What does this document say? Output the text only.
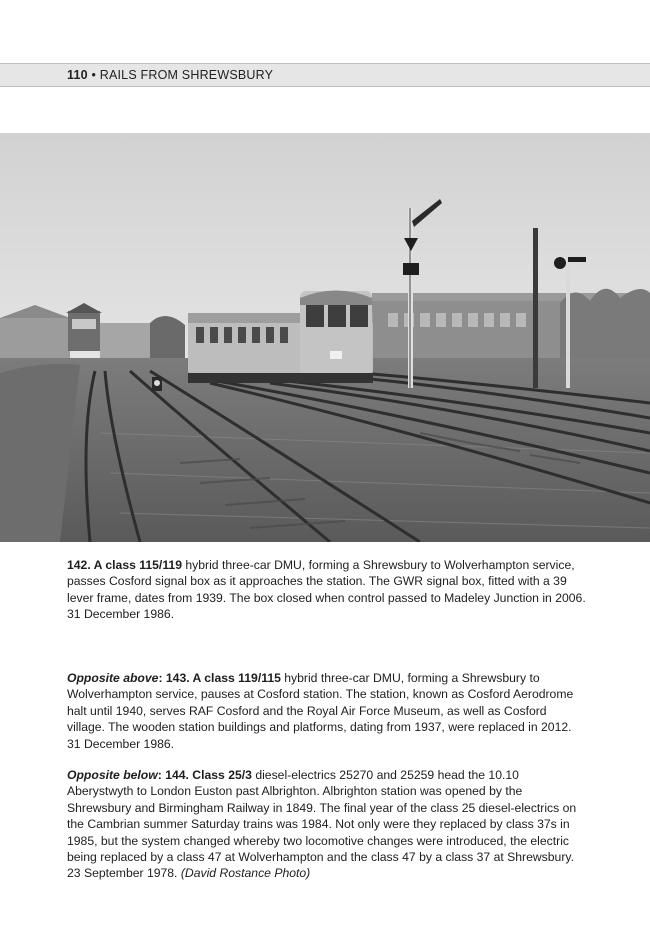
110 • RAILS FROM SHREWSBURY

142. A class 115/119 hybrid three-car DMU, forming a Shrewsbury to Wolverhampton service, passes Cosford signal box as it approaches the station. The GWR signal box, fitted with a 39 lever frame, dates from 1939. The box closed when control passed to Madeley Junction in 2006. 31 December 1986.

Opposite above: 143. A class 119/115 hybrid three-car DMU, forming a Shrewsbury to Wolverhampton service, pauses at Cosford station. The station, known as Cosford Aerodrome halt until 1940, serves RAF Cosford and the Royal Air Force Museum, as well as Cosford village. The wooden station buildings and platforms, dating from 1937, were replaced in 2012. 31 December 1986.

Opposite below: 144. Class 25/3 diesel-electrics 25270 and 25259 head the 10.10 Aberystwyth to London Euston past Albrighton. Albrighton station was opened by the Shrewsbury and Birmingham Railway in 1849. The final year of the class 25 diesel-electrics on the Cambrian summer Saturday trains was 1984. Not only were they replaced by class 37s in 1985, but the system changed whereby two locomotive changes were introduced, the electric being replaced by a class 47 at Wolverhampton and the class 47 by a class 37 at Shrewsbury. 23 September 1978. (David Rostance Photo)
